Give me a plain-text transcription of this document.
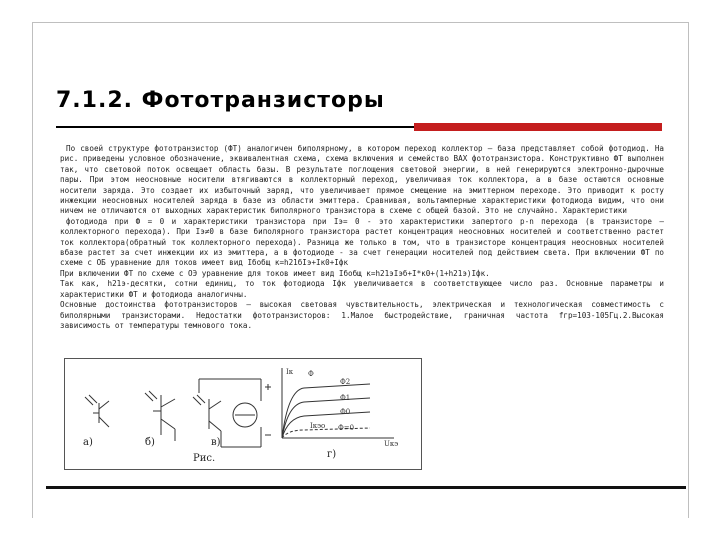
7.1.2. Фототранзисторы

По своей структуре фототранзистор (ФТ) аналогичен биполярному, в котором переход коллектор – база представляет собой фотодиод. На рис. приведены условное обозначение, эквивалентная схема, схема включения и семейство ВАХ фототранзистора. Конструктивно ФТ выполнен так, что световой поток освещает область базы. В результате поглощения световой энергии, в ней генерируются электронно-дырочные пары. При этом неосновные носители втягиваются в коллекторный переход, увеличивая ток коллектора, а в базе остаются основные носители заряда. Это создает их избыточный заряд, что увеличивает прямое смещение на эмиттерном переходе. Это приводит к росту инжекции неосновных носителей заряда в базе из области эмиттера. Сравнивая, вольтамперные характеристики фотодиода видим, что они ничем не отличаются от выходных характеристик биполярного транзистора в схеме с общей базой. Это не случайно. Характеристики

фотодиода при Ф = 0 и характеристики транзистора при Iэ= 0 - это характеристики запертого p-n перехода (в транзисторе – коллекторного перехода). При Iэ≠0 в базе биполярного транзистора растет концентрация неосновных носителей и соответственно растет ток коллектора(обратный ток коллекторного перехода). Разница же только в том, что в транзисторе концентрация неосновных носителей вбазе растет за счет инжекции их из эмиттера, а в фотодиоде - за счет генерации носителей под действием света. При включении ФТ по схеме с ОБ уравнение для токов имеет вид Iбобщ к=h21бIэ+Iк0+Iфк

При включении ФТ по схеме с ОЭ уравнение для токов имеет вид Iбобщ к=h21эIэб+I*к0+(1+h21э)Iфк.

Так как, h21э-десятки, сотни единиц, то ток фотодиода Iфк увеличивается в соответствующее число раз. Основные параметры и характеристики ФТ и фотодиода аналогичны.

Основные достоинства фототранзисторов – высокая световая чувствительность, электрическая и технологическая совместимость с биполярными транзисторами. Недостатки фототранзисторов: 1.Малое быстродействие, граничная частота fгр=103-105Гц.2.Высокая зависимость от температуры темнового тока.

а)	б)	в)
Рис.	г)
Iк Ф
Ф2
Ф1
Ф0
Iкэо Ф=0
Uкэ
